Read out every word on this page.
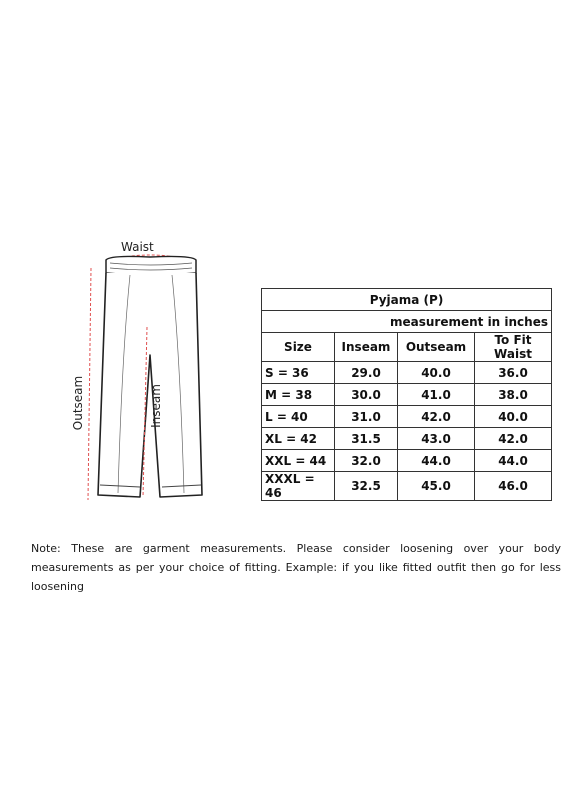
Waist
Outseam	Inseam
Pyjama (P)			
measurement in inches			
Size	Inseam	Outseam	To Fit Waist
S = 36	29.0	40.0	36.0
M = 38	30.0	41.0	38.0
L = 40	31.0	42.0	40.0
XL = 42	31.5	43.0	42.0
XXL = 44	32.0	44.0	44.0
XXXL = 46	32.5	45.0	46.0

Note: These are garment measurements. Please consider loosening over your body measurements as per your choice of fitting. Example: if you like fitted outfit then go for less loosening
